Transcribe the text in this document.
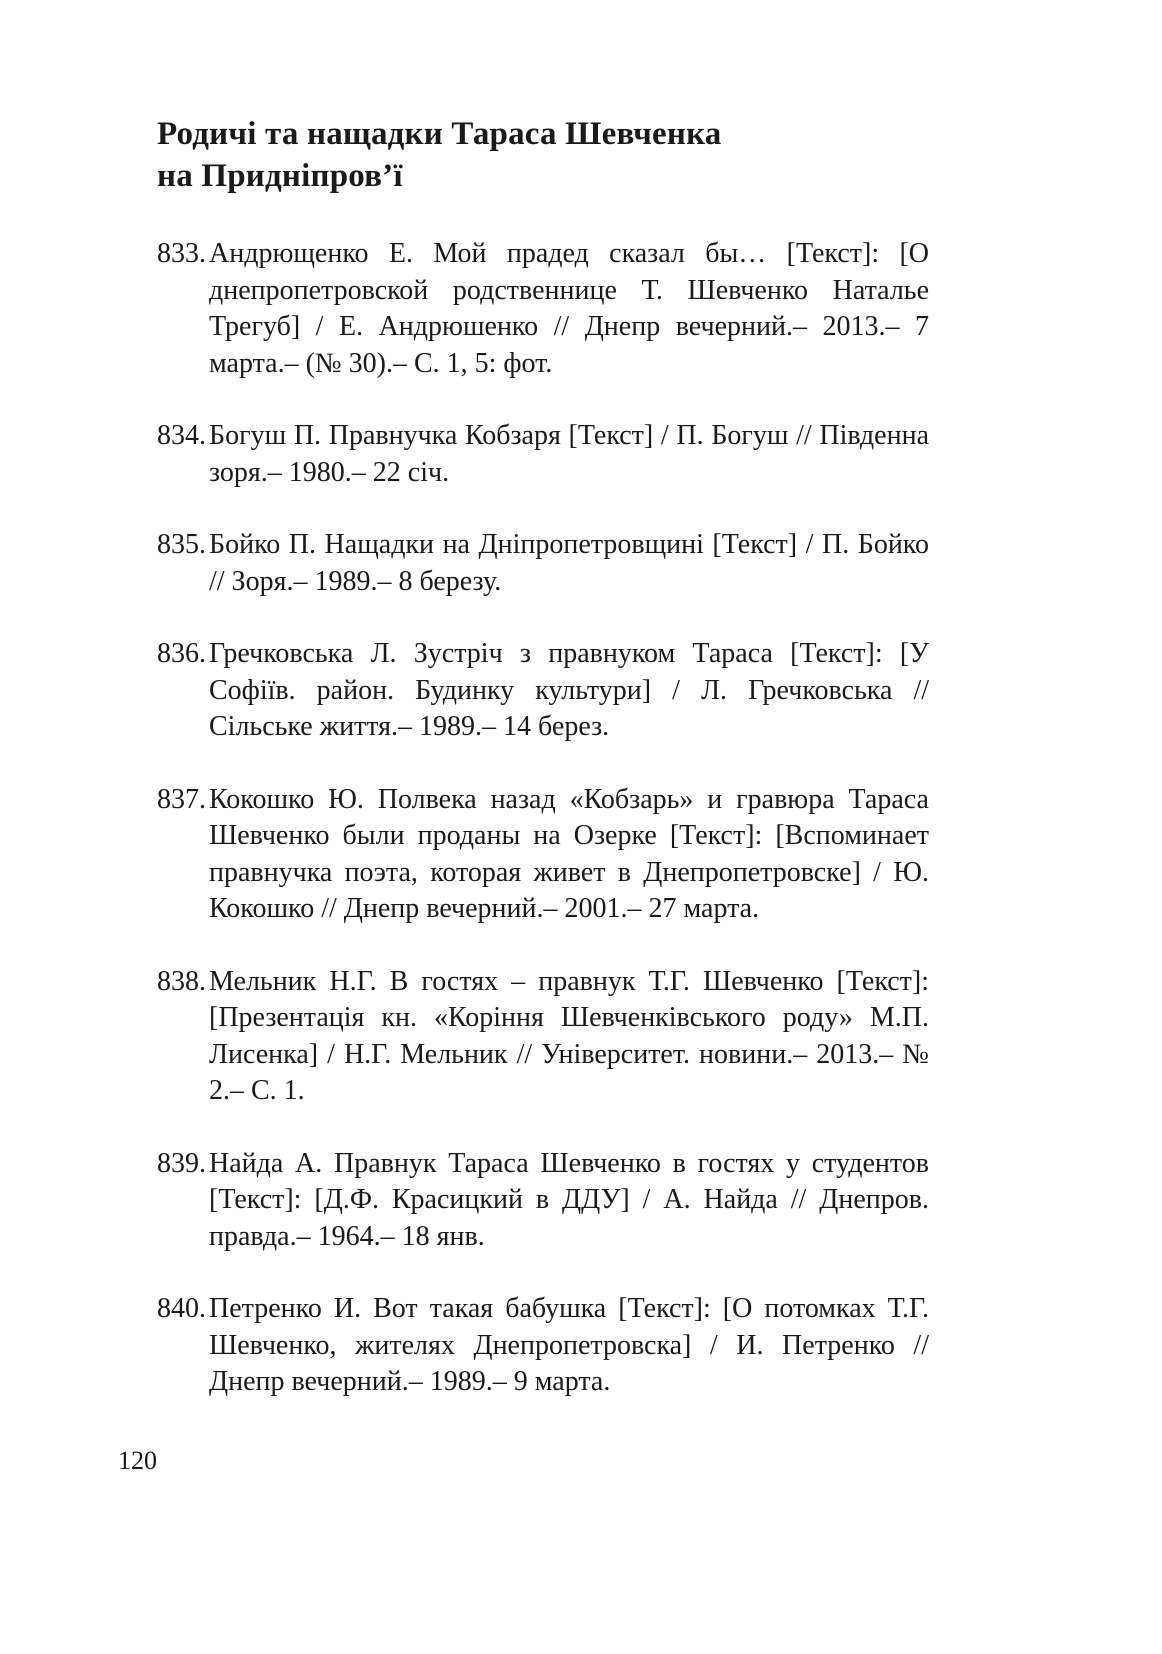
Родичі та нащадки Тараса Шевченка
на Придніпров’ї
833. Андрющенко Е. Мой прадед сказал бы… [Текст]: [О днепропетровской родственнице Т. Шевченко Наталье Трегуб] / Е. Андрюшенко // Днепр вечерний.– 2013.– 7 марта.– (№ 30).– С. 1, 5: фот.
834. Богуш П. Правнучка Кобзаря [Текст] / П. Богуш // Південна зоря.– 1980.– 22 січ.
835. Бойко П. Нащадки на Дніпропетровщині [Текст] / П. Бойко // Зоря.– 1989.– 8 березу.
836. Гречковська Л. Зустріч з правнуком Тараса [Текст]: [У Софіїв. район. Будинку культури] / Л. Гречковська // Сільське життя.– 1989.– 14 берез.
837. Кокошко Ю. Полвека назад «Кобзарь» и гравюра Тараса Шевченко были проданы на Озерке [Текст]: [Вспоминает правнучка поэта, которая живет в Днепропетровске] / Ю. Кокошко // Днепр вечерний.– 2001.– 27 марта.
838. Мельник Н.Г. В гостях – правнук Т.Г. Шевченко [Текст]: [Презентація кн. «Коріння Шевченківського роду» М.П. Лисенка] / Н.Г. Мельник // Університет. новини.– 2013.– № 2.– С. 1.
839. Найда А. Правнук Тараса Шевченко в гостях у студентов [Текст]: [Д.Ф. Красицкий в ДДУ] / А. Найда // Днепров. правда.– 1964.– 18 янв.
840. Петренко И. Вот такая бабушка [Текст]: [О потомках Т.Г. Шевченко, жителях Днепропетровска] / И. Петренко // Днепр вечерний.– 1989.– 9 марта.
120
